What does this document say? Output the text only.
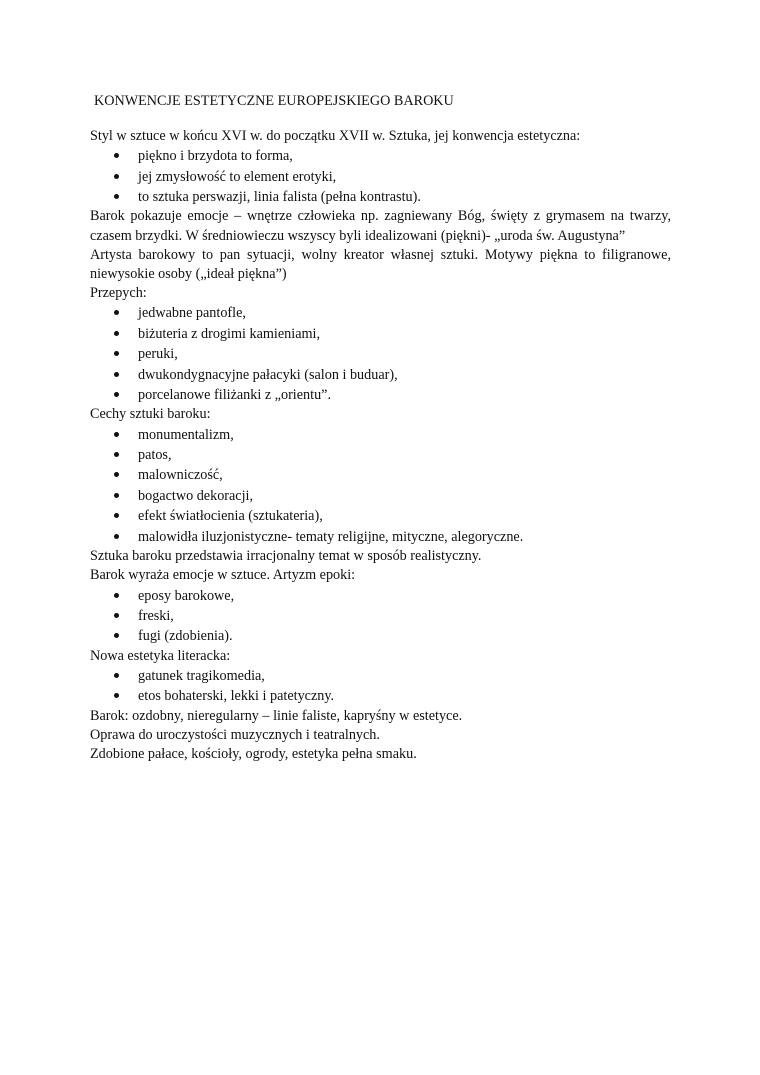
KONWENCJE ESTETYCZNE EUROPEJSKIEGO BAROKU

Styl w sztuce w końcu XVI w. do początku XVII w. Sztuka, jej konwencja estetyczna:

piękno i brzydota to forma,
jej zmysłowość to element erotyki,
to sztuka perswazji, linia falista (pełna kontrastu).

Barok pokazuje emocje – wnętrze człowieka np. zagniewany Bóg, święty z grymasem na twarzy, czasem brzydki. W średniowieczu wszyscy byli idealizowani (piękni)- „uroda św. Augustyna”

Artysta barokowy to pan sytuacji, wolny kreator własnej sztuki. Motywy piękna to filigranowe, niewysokie osoby („ideał piękna”)

Przepych:

jedwabne pantofle,
biżuteria z drogimi kamieniami,
peruki,
dwukondygnacyjne pałacyki (salon i buduar),
porcelanowe filiżanki z „orientu”.

Cechy sztuki baroku:

monumentalizm,
patos,
malowniczość,
bogactwo dekoracji,
efekt światłocienia (sztukateria),
malowidła iluzjonistyczne- tematy religijne, mityczne, alegoryczne.

Sztuka baroku przedstawia irracjonalny temat w sposób realistyczny.

Barok wyraża emocje w sztuce. Artyzm epoki:

eposy barokowe,
freski,
fugi (zdobienia).

Nowa estetyka literacka:

gatunek tragikomedia,
etos bohaterski, lekki i patetyczny.

Barok: ozdobny, nieregularny – linie faliste, kapryśny w estetyce.

Oprawa do uroczystości muzycznych i teatralnych.

Zdobione pałace, kościoły, ogrody, estetyka pełna smaku.
